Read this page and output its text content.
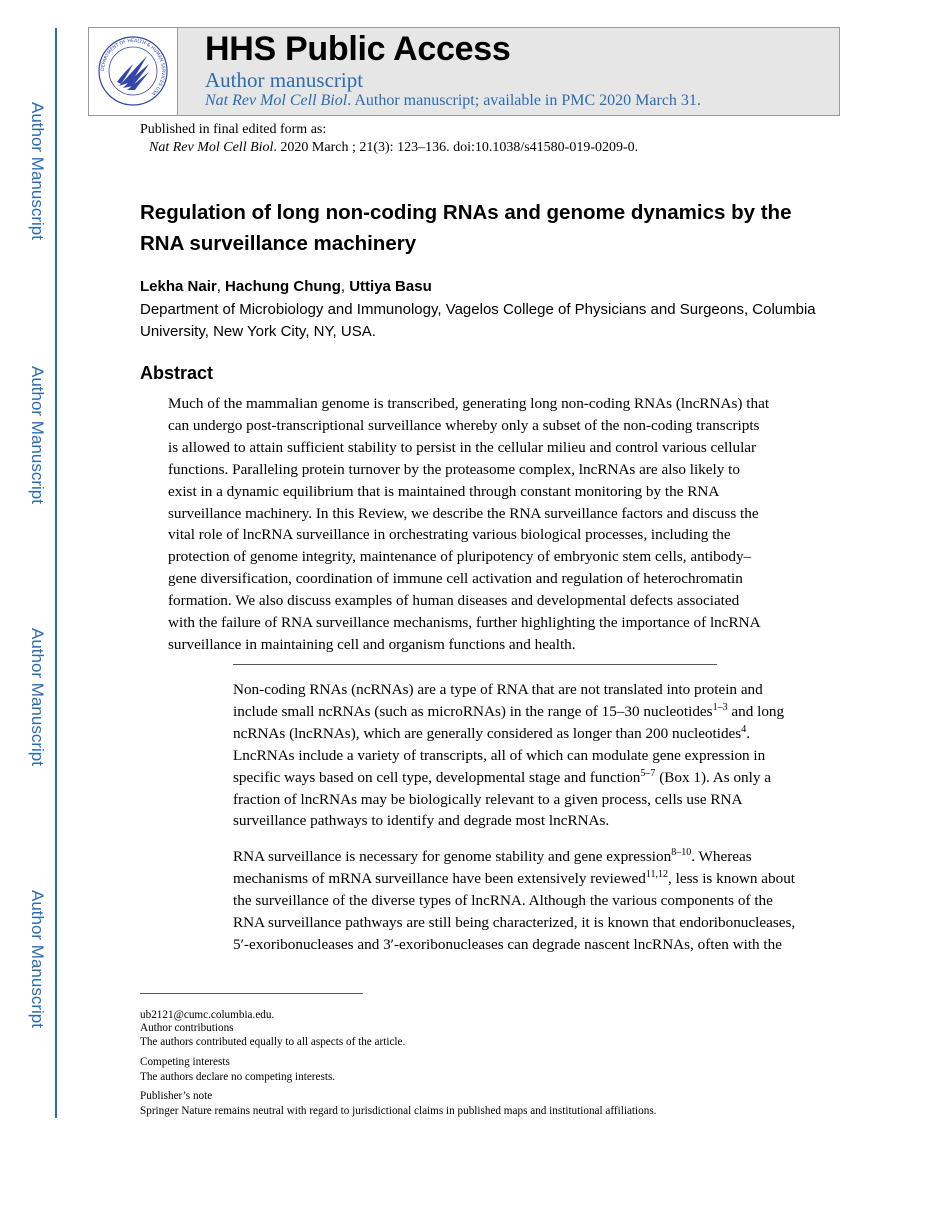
Author Manuscript
Author Manuscript
Author Manuscript
Author Manuscript
DEPARTMENT OF HEALTH & HUMAN SERVICES USA
HHS Public Access
Author manuscript
Nat Rev Mol Cell Biol. Author manuscript; available in PMC 2020 March 31.
Published in final edited form as:
Nat Rev Mol Cell Biol. 2020 March ; 21(3): 123–136. doi:10.1038/s41580-019-0209-0.
Regulation of long non-coding RNAs and genome dynamics by the RNA surveillance machinery
Lekha Nair, Hachung Chung, Uttiya Basu
Department of Microbiology and Immunology, Vagelos College of Physicians and Surgeons, Columbia University, New York City, NY, USA.
Abstract
Much of the mammalian genome is transcribed, generating long non-coding RNAs (lncRNAs) that
can undergo post-transcriptional surveillance whereby only a subset of the non-coding transcripts
is allowed to attain sufficient stability to persist in the cellular milieu and control various cellular
functions. Paralleling protein turnover by the proteasome complex, lncRNAs are also likely to
exist in a dynamic equilibrium that is maintained through constant monitoring by the RNA
surveillance machinery. In this Review, we describe the RNA surveillance factors and discuss the
vital role of lncRNA surveillance in orchestrating various biological processes, including the
protection of genome integrity, maintenance of pluripotency of embryonic stem cells, antibody–
gene diversification, coordination of immune cell activation and regulation of heterochromatin
formation. We also discuss examples of human diseases and developmental defects associated
with the failure of RNA surveillance mechanisms, further highlighting the importance of lncRNA
surveillance in maintaining cell and organism functions and health.
Non-coding RNAs (ncRNAs) are a type of RNA that are not translated into protein and
include small ncRNAs (such as microRNAs) in the range of 15–30 nucleotides$^{1-3}$ and long
ncRNAs (lncRNAs), which are generally considered as longer than 200 nucleotides$^4$.
LncRNAs include a variety of transcripts, all of which can modulate gene expression in
specific ways based on cell type, developmental stage and function$^{5-7}$ (Box 1). As only a
fraction of lncRNAs may be biologically relevant to a given process, cells use RNA
surveillance pathways to identify and degrade most lncRNAs.
RNA surveillance is necessary for genome stability and gene expression$^{8-10}$. Whereas
mechanisms of mRNA surveillance have been extensively reviewed$^{11,12}$, less is known about
the surveillance of the diverse types of lncRNA. Although the various components of the
RNA surveillance pathways are still being characterized, it is known that endoribonucleases,
5′-exoribonucleases and 3′-exoribonucleases can degrade nascent lncRNAs, often with the
ub2121@cumc.columbia.edu.
Author contributions
The authors contributed equally to all aspects of the article.
Competing interests
The authors declare no competing interests.
Publisher’s note
Springer Nature remains neutral with regard to jurisdictional claims in published maps and institutional affiliations.
